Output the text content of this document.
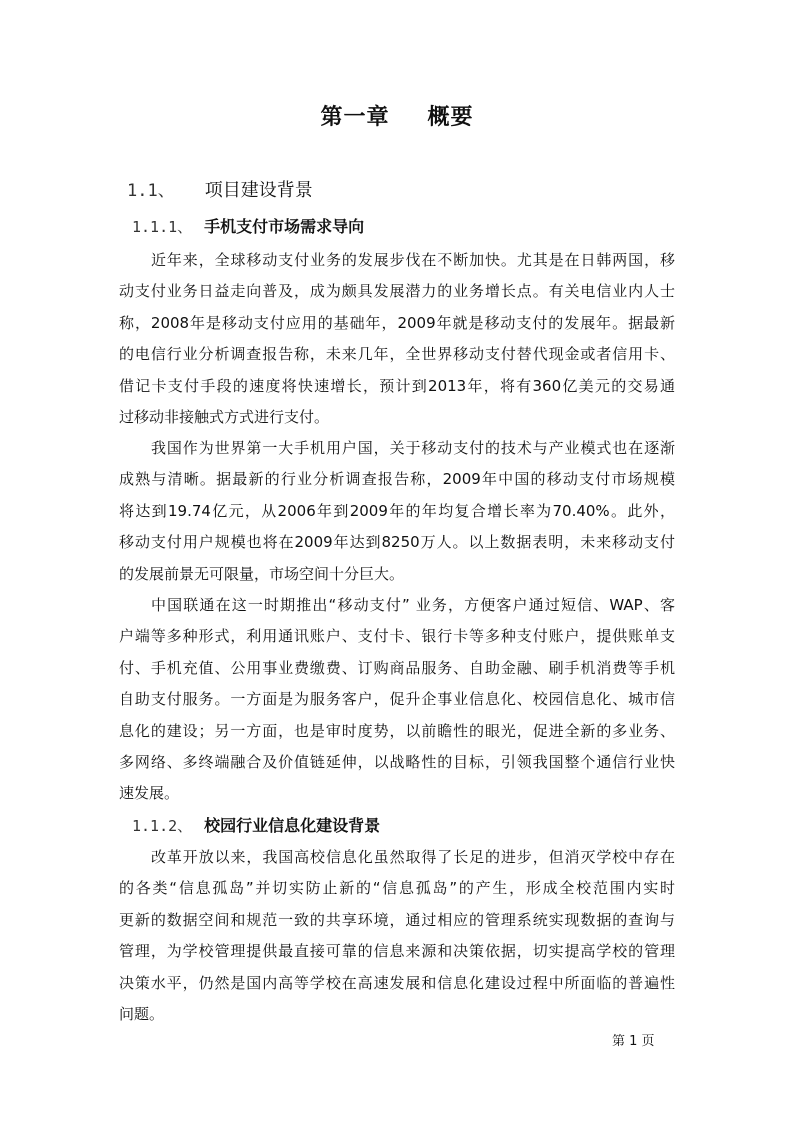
第一章 概要
1.1、 项目建设背景
1.1.1、 手机支付市场需求导向
近年来，全球移动支付业务的发展步伐在不断加快。尤其是在日韩两国，移
动支付业务日益走向普及，成为颇具发展潜力的业务增长点。有关电信业内人士
称，2008年是移动支付应用的基础年，2009年就是移动支付的发展年。据最新
的电信行业分析调查报告称，未来几年，全世界移动支付替代现金或者信用卡、
借记卡支付手段的速度将快速增长，预计到2013年，将有360亿美元的交易通
过移动非接触式方式进行支付。
我国作为世界第一大手机用户国，关于移动支付的技术与产业模式也在逐渐
成熟与清晰。据最新的行业分析调查报告称，2009年中国的移动支付市场规模
将达到19.74亿元，从2006年到2009年的年均复合增长率为70.40%。此外，
移动支付用户规模也将在2009年达到8250万人。以上数据表明，未来移动支付
的发展前景无可限量，市场空间十分巨大。
中国联通在这一时期推出“移动支付” 业务，方便客户通过短信、WAP、客
户端等多种形式，利用通讯账户、支付卡、银行卡等多种支付账户，提供账单支
付、手机充值、公用事业费缴费、订购商品服务、自助金融、刷手机消费等手机
自助支付服务。一方面是为服务客户，促升企事业信息化、校园信息化、城市信
息化的建设；另一方面，也是审时度势，以前瞻性的眼光，促进全新的多业务、
多网络、多终端融合及价值链延伸，以战略性的目标，引领我国整个通信行业快
速发展。
1.1.2、 校园行业信息化建设背景
改革开放以来，我国高校信息化虽然取得了长足的进步，但消灭学校中存在
的各类“信息孤岛”并切实防止新的“信息孤岛”的产生，形成全校范围内实时
更新的数据空间和规范一致的共享环境，通过相应的管理系统实现数据的查询与
管理，为学校管理提供最直接可靠的信息来源和决策依据，切实提高学校的管理
决策水平，仍然是国内高等学校在高速发展和信息化建设过程中所面临的普遍性
问题。
第 1 页
